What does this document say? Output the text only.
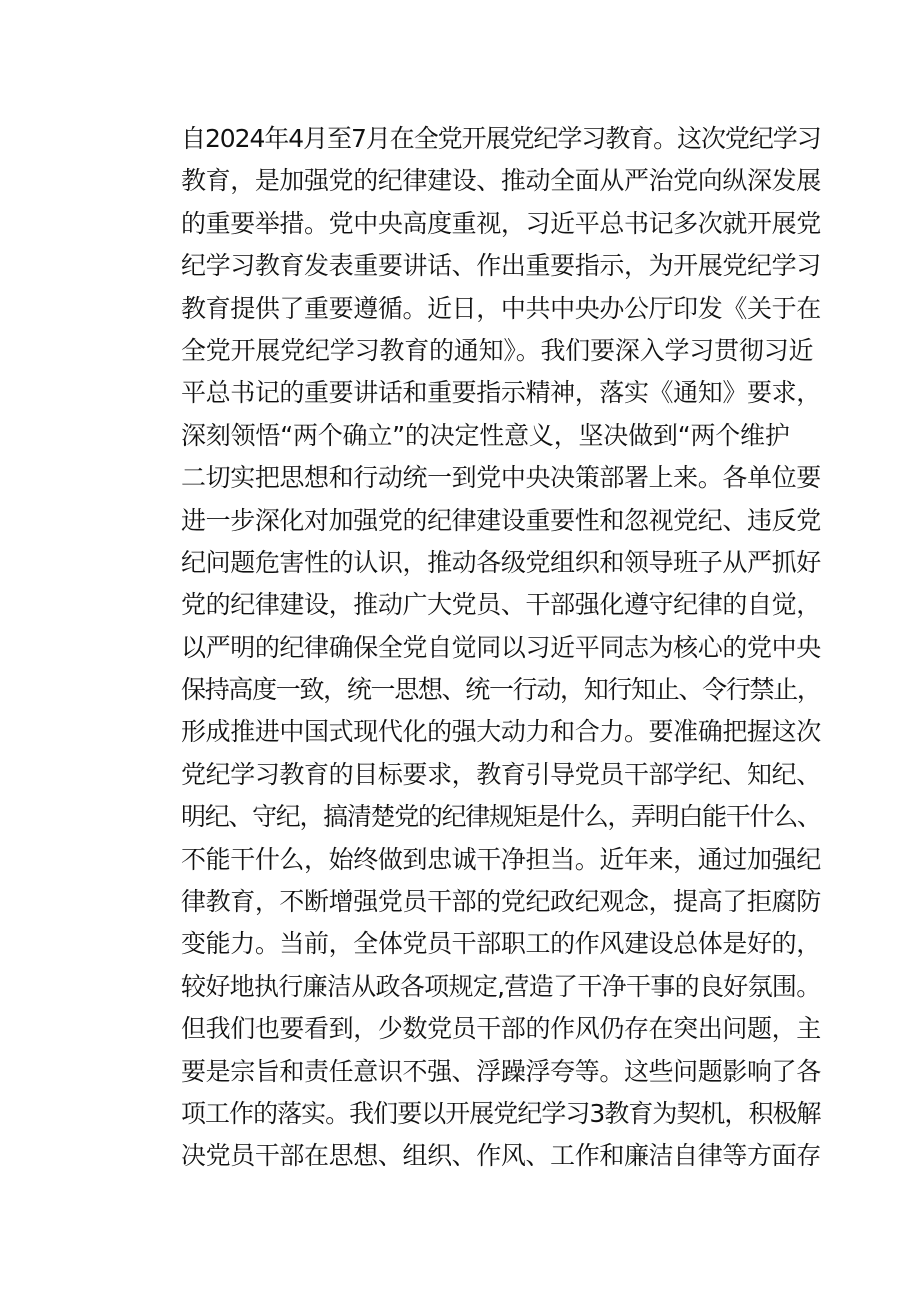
自2024年4月至7月在全党开展党纪学习教育。这次党纪学习
教育，是加强党的纪律建设、推动全面从严治党向纵深发展
的重要举措。党中央高度重视，习近平总书记多次就开展党
纪学习教育发表重要讲话、作出重要指示，为开展党纪学习
教育提供了重要遵循。近日，中共中央办公厅印发《关于在
全党开展党纪学习教育的通知》。我们要深入学习贯彻习近
平总书记的重要讲话和重要指示精神，落实《通知》要求，
深刻领悟“两个确立”的决定性意义，坚决做到“两个维护
二切实把思想和行动统一到党中央决策部署上来。各单位要
进一步深化对加强党的纪律建设重要性和忽视党纪、违反党
纪问题危害性的认识，推动各级党组织和领导班子从严抓好
党的纪律建设，推动广大党员、干部强化遵守纪律的自觉，
以严明的纪律确保全党自觉同以习近平同志为核心的党中央
保持高度一致，统一思想、统一行动，知行知止、令行禁止，
形成推进中国式现代化的强大动力和合力。要准确把握这次
党纪学习教育的目标要求，教育引导党员干部学纪、知纪、
明纪、守纪，搞清楚党的纪律规矩是什么，弄明白能干什么、
不能干什么，始终做到忠诚干净担当。近年来，通过加强纪
律教育，不断增强党员干部的党纪政纪观念，提高了拒腐防
变能力。当前，全体党员干部职工的作风建设总体是好的，
较好地执行廉洁从政各项规定,营造了干净干事的良好氛围。
但我们也要看到，少数党员干部的作风仍存在突出问题，主
要是宗旨和责任意识不强、浮躁浮夸等。这些问题影响了各
项工作的落实。我们要以开展党纪学习3教育为契机，积极解
决党员干部在思想、组织、作风、工作和廉洁自律等方面存
